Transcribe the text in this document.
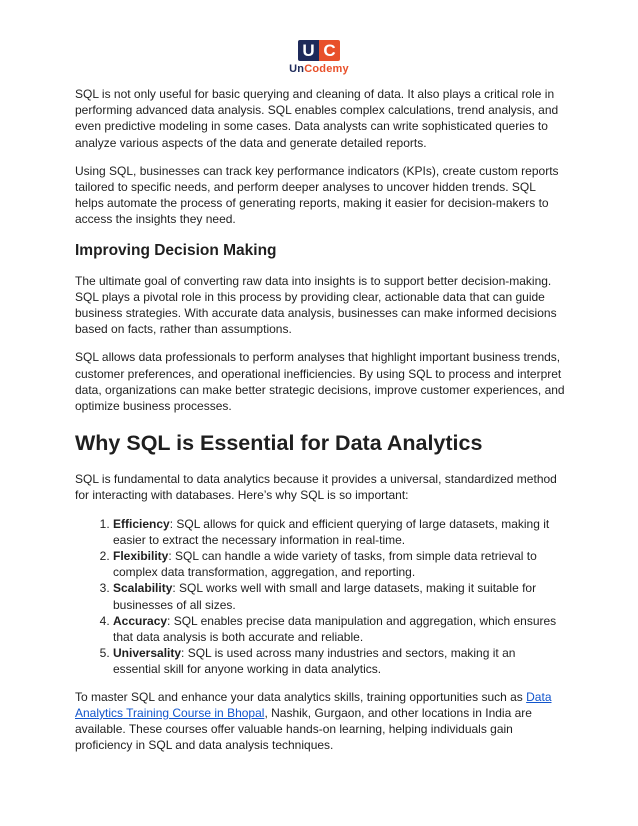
U C
UnCodemy

SQL is not only useful for basic querying and cleaning of data. It also plays a critical role in performing advanced data analysis. SQL enables complex calculations, trend analysis, and even predictive modeling in some cases. Data analysts can write sophisticated queries to analyze various aspects of the data and generate detailed reports.

Using SQL, businesses can track key performance indicators (KPIs), create custom reports tailored to specific needs, and perform deeper analyses to uncover hidden trends. SQL helps automate the process of generating reports, making it easier for decision-makers to access the insights they need.

Improving Decision Making

The ultimate goal of converting raw data into insights is to support better decision-making. SQL plays a pivotal role in this process by providing clear, actionable data that can guide business strategies. With accurate data analysis, businesses can make informed decisions based on facts, rather than assumptions.

SQL allows data professionals to perform analyses that highlight important business trends, customer preferences, and operational inefficiencies. By using SQL to process and interpret data, organizations can make better strategic decisions, improve customer experiences, and optimize business processes.

Why SQL is Essential for Data Analytics

SQL is fundamental to data analytics because it provides a universal, standardized method for interacting with databases. Here’s why SQL is so important:

1. Efficiency: SQL allows for quick and efficient querying of large datasets, making it easier to extract the necessary information in real-time.
2. Flexibility: SQL can handle a wide variety of tasks, from simple data retrieval to complex data transformation, aggregation, and reporting.
3. Scalability: SQL works well with small and large datasets, making it suitable for businesses of all sizes.
4. Accuracy: SQL enables precise data manipulation and aggregation, which ensures that data analysis is both accurate and reliable.
5. Universality: SQL is used across many industries and sectors, making it an essential skill for anyone working in data analytics.

To master SQL and enhance your data analytics skills, training opportunities such as Data Analytics Training Course in Bhopal, Nashik, Gurgaon, and other locations in India are available. These courses offer valuable hands-on learning, helping individuals gain proficiency in SQL and data analysis techniques.
